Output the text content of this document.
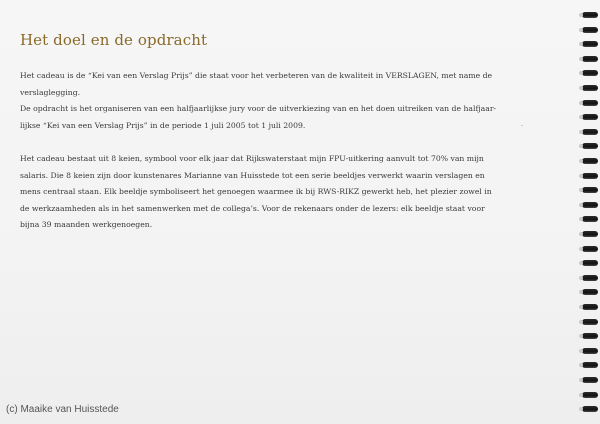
Het doel en de opdracht
Het cadeau is de “Kei van een Verslag Prijs” die staat voor het verbeteren van de kwaliteit in VERSLAGEN, met name de
verslaglegging.
De opdracht is het organiseren van een halfjaarlijkse jury voor de uitverkiezing van en het doen uitreiken van de halfjaar-
lijkse “Kei van een Verslag Prijs” in de periode 1 juli 2005 tot 1 juli 2009.
Het cadeau bestaat uit 8 keien, symbool voor elk jaar dat Rijkswaterstaat mijn FPU-uitkering aanvult tot 70% van mijn
salaris. Die 8 keien zijn door kunstenares Marianne van Huisstede tot een serie beeldjes verwerkt waarin verslagen en
mens centraal staan. Elk beeldje symboliseert het genoegen waarmee ik bij RWS-RIKZ gewerkt heb, het plezier zowel in
de werkzaamheden als in het samenwerken met de collega’s. Voor de rekenaars onder de lezers: elk beeldje staat voor
bijna 39 maanden werkgenoegen.
·
(c) Maaike van Huisstede
